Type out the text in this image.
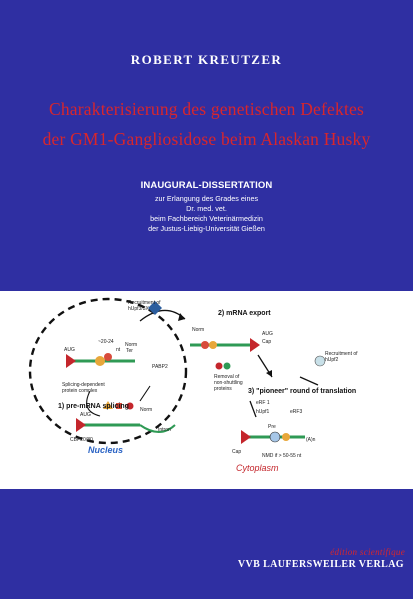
ROBERT KREUTZER
Charakterisierung des genetischen Defektes
der GM1-Gangliosidose beim Alaskan Husky
INAUGURAL-DISSERTATION
zur Erlangung des Grades eines
Dr. med. vet.
beim Fachbereich Veterinärmedizin
der Justus-Liebig-Universität Gießen
Recruitment of
hUpf3/3X
2) mRNA export
~20-24
nt
AUG
Norm
Ter
PABP2
Cap
AUG
Norm
Removal of
non-shuttling
proteins
Recruitment of
hUpf2
Splicing-dependent
protein complex	3) "pioneer" round of translation
1) pre-mRNA splicing
AUG
Norm
Intron
CBP20/80
hUpf1
eRF 1
eRF3
Pre
(A)n
Cap
NMD if > 50-55 nt
Nucleus
Cytoplasm
édition scientifique
VVB LAUFERSWEILER VERLAG
